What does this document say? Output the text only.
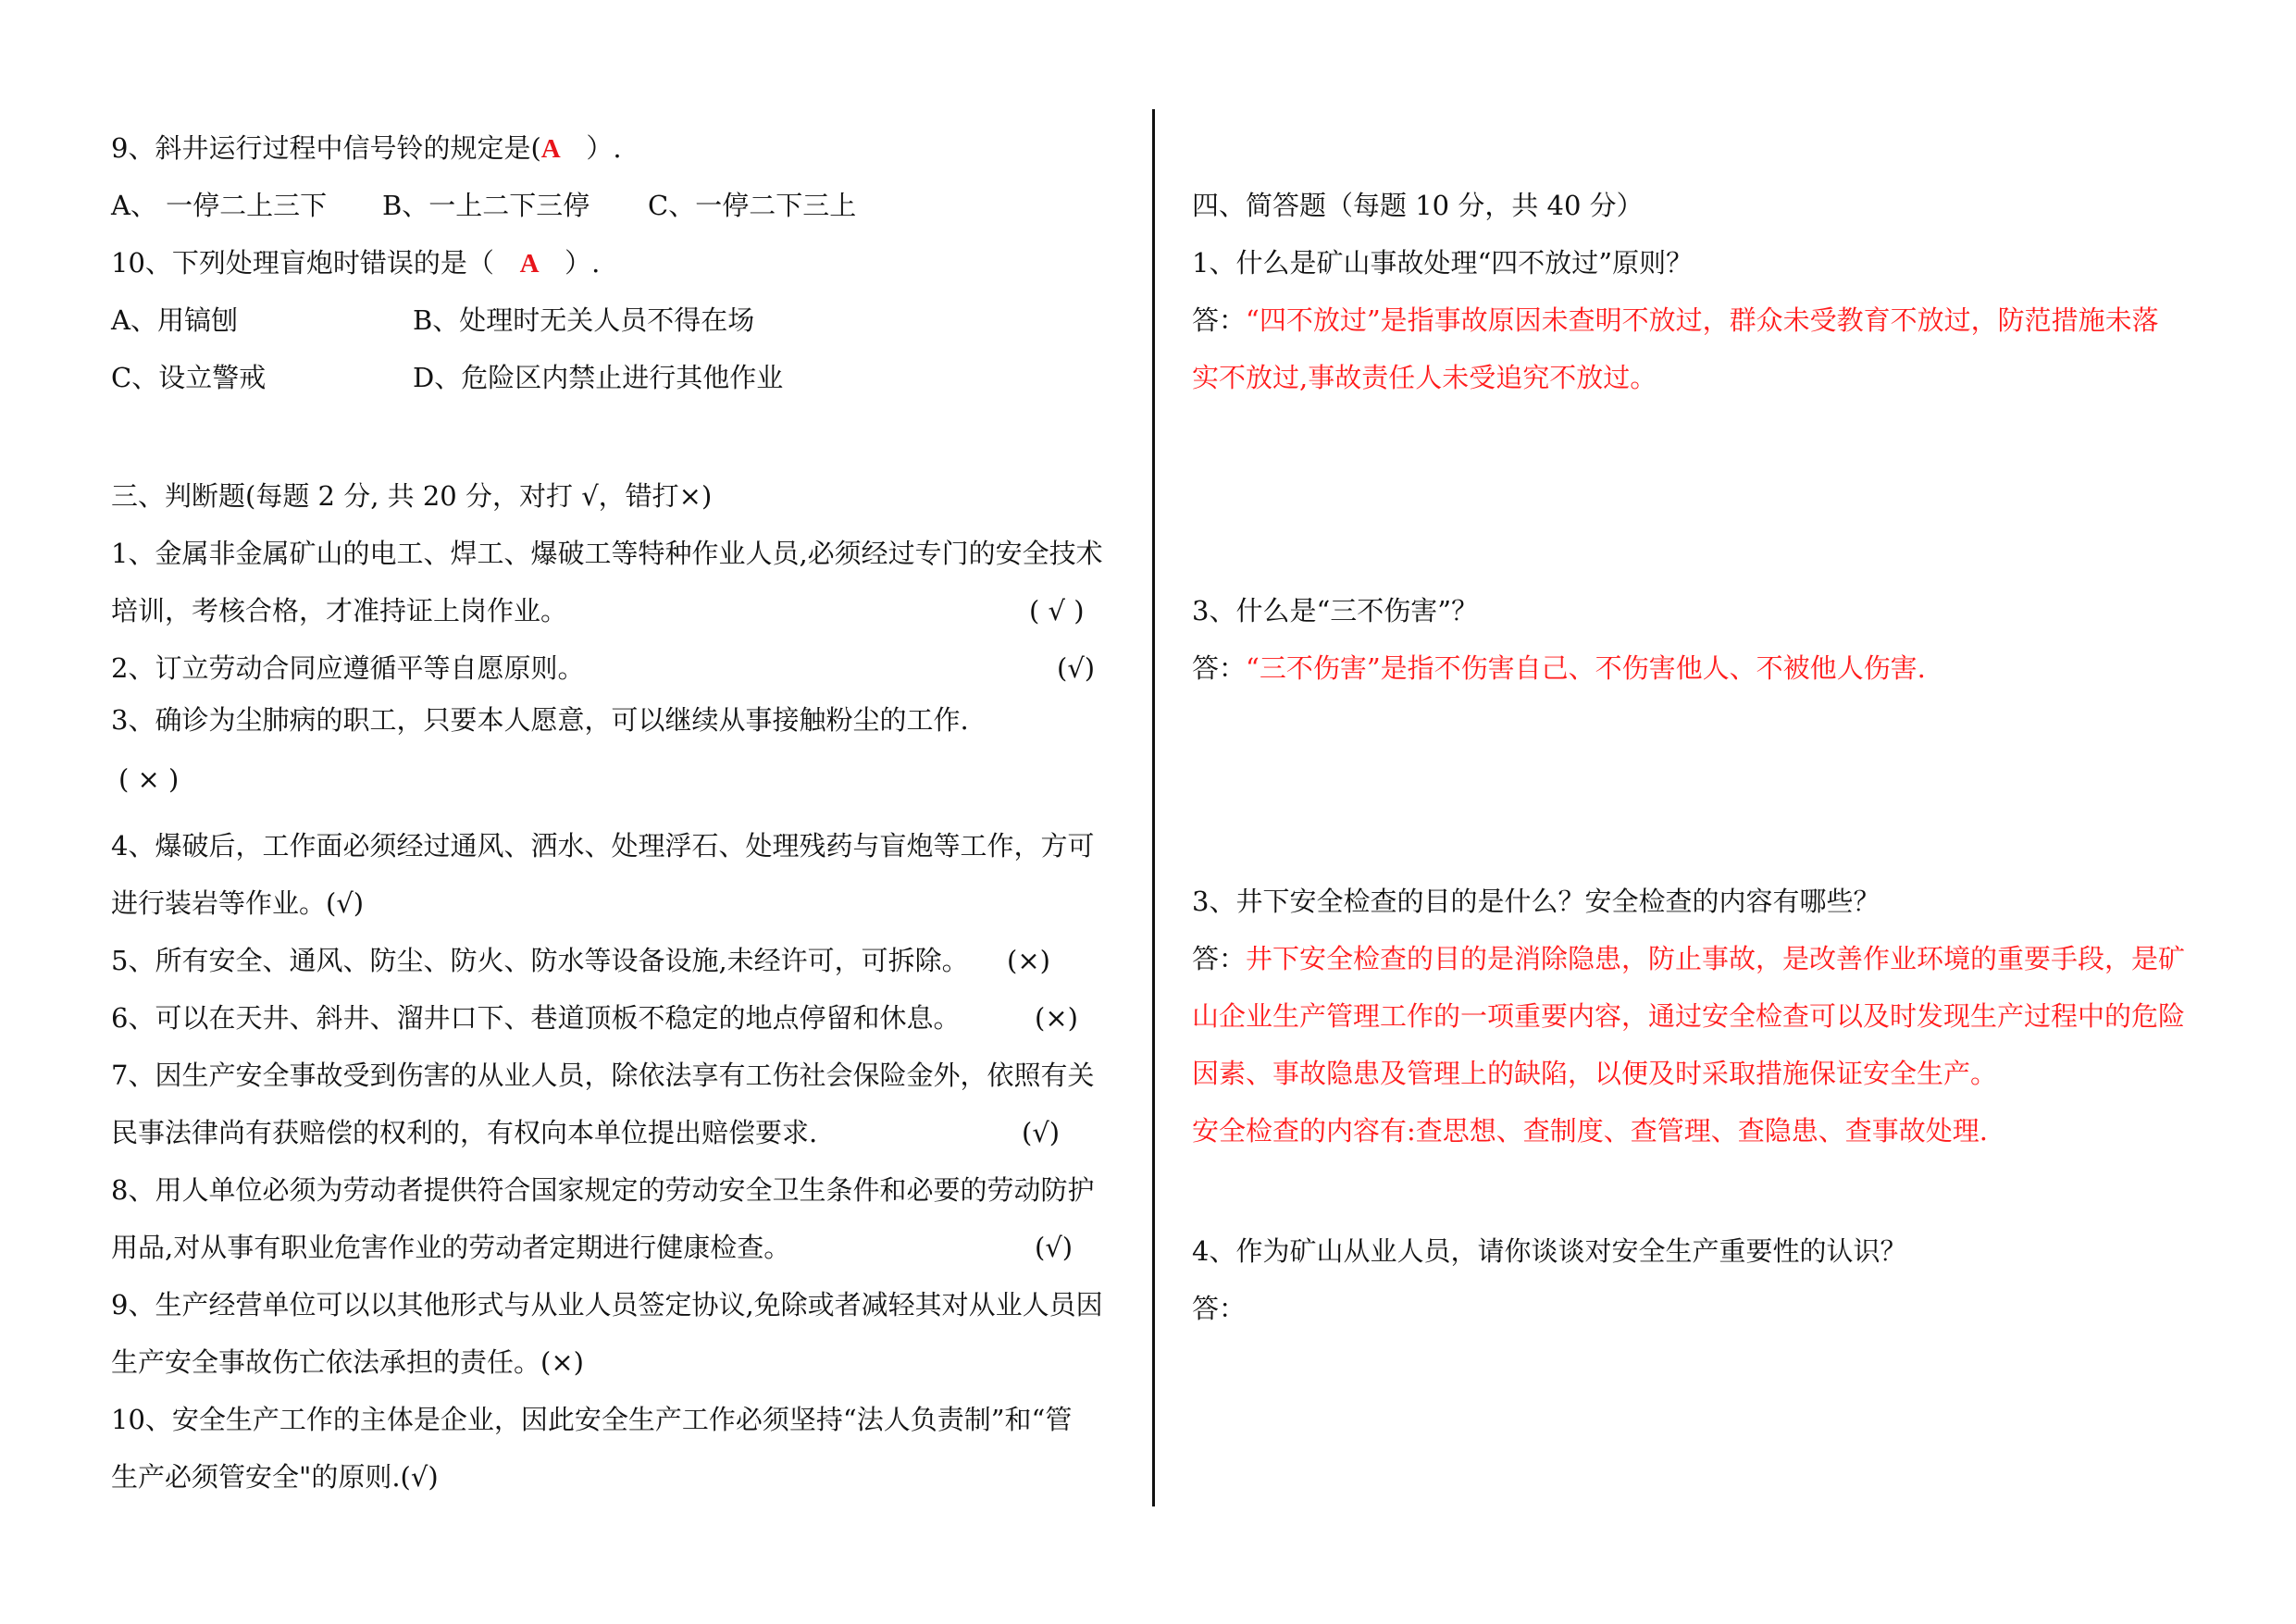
9、斜井运行过程中信号铃的规定是(A ）.
A、 一停二上三下 B、一上二下三停 C、一停二下三上
10、下列处理盲炮时错误的是（ A ）.
A、用镐刨	B、处理时无关人员不得在场
C、设立警戒	D、危险区内禁止进行其他作业
三、判断题(每题 2 分, 共 20 分，对打 √，错打×)
1、金属非金属矿山的电工、焊工、爆破工等特种作业人员,必须经过专门的安全技术
培训，考核合格，才准持证上岗作业。	( √ )
2、订立劳动合同应遵循平等自愿原则。	(√)
3、确诊为尘肺病的职工，只要本人愿意，可以继续从事接触粉尘的工作.
( × )
4、爆破后，工作面必须经过通风、洒水、处理浮石、处理残药与盲炮等工作，方可
进行装岩等作业。(√)
5、所有安全、通风、防尘、防火、防水等设备设施,未经许可，可拆除。 (×)
6、可以在天井、斜井、溜井口下、巷道顶板不稳定的地点停留和休息。	(×)
7、因生产安全事故受到伤害的从业人员，除依法享有工伤社会保险金外，依照有关
民事法律尚有获赔偿的权利的，有权向本单位提出赔偿要求.	(√)
8、用人单位必须为劳动者提供符合国家规定的劳动安全卫生条件和必要的劳动防护
用品,对从事有职业危害作业的劳动者定期进行健康检查。	(√)
9、生产经营单位可以以其他形式与从业人员签定协议,免除或者减轻其对从业人员因
生产安全事故伤亡依法承担的责任。(×)
10、安全生产工作的主体是企业，因此安全生产工作必须坚持“法人负责制”和“管
生产必须管安全"的原则.(√)
四、简答题（每题 10 分，共 40 分）
1、什么是矿山事故处理“四不放过”原则？
答：“四不放过”是指事故原因未查明不放过，群众未受教育不放过，防范措施未落
实不放过,事故责任人未受追究不放过。
3、什么是“三不伤害”？
答：“三不伤害”是指不伤害自己、不伤害他人、不被他人伤害.
3、井下安全检查的目的是什么？安全检查的内容有哪些？
答：井下安全检查的目的是消除隐患，防止事故，是改善作业环境的重要手段，是矿
山企业生产管理工作的一项重要内容，通过安全检查可以及时发现生产过程中的危险
因素、事故隐患及管理上的缺陷，以便及时采取措施保证安全生产。
安全检查的内容有:查思想、查制度、查管理、查隐患、查事故处理.
4、作为矿山从业人员，请你谈谈对安全生产重要性的认识？
答：
